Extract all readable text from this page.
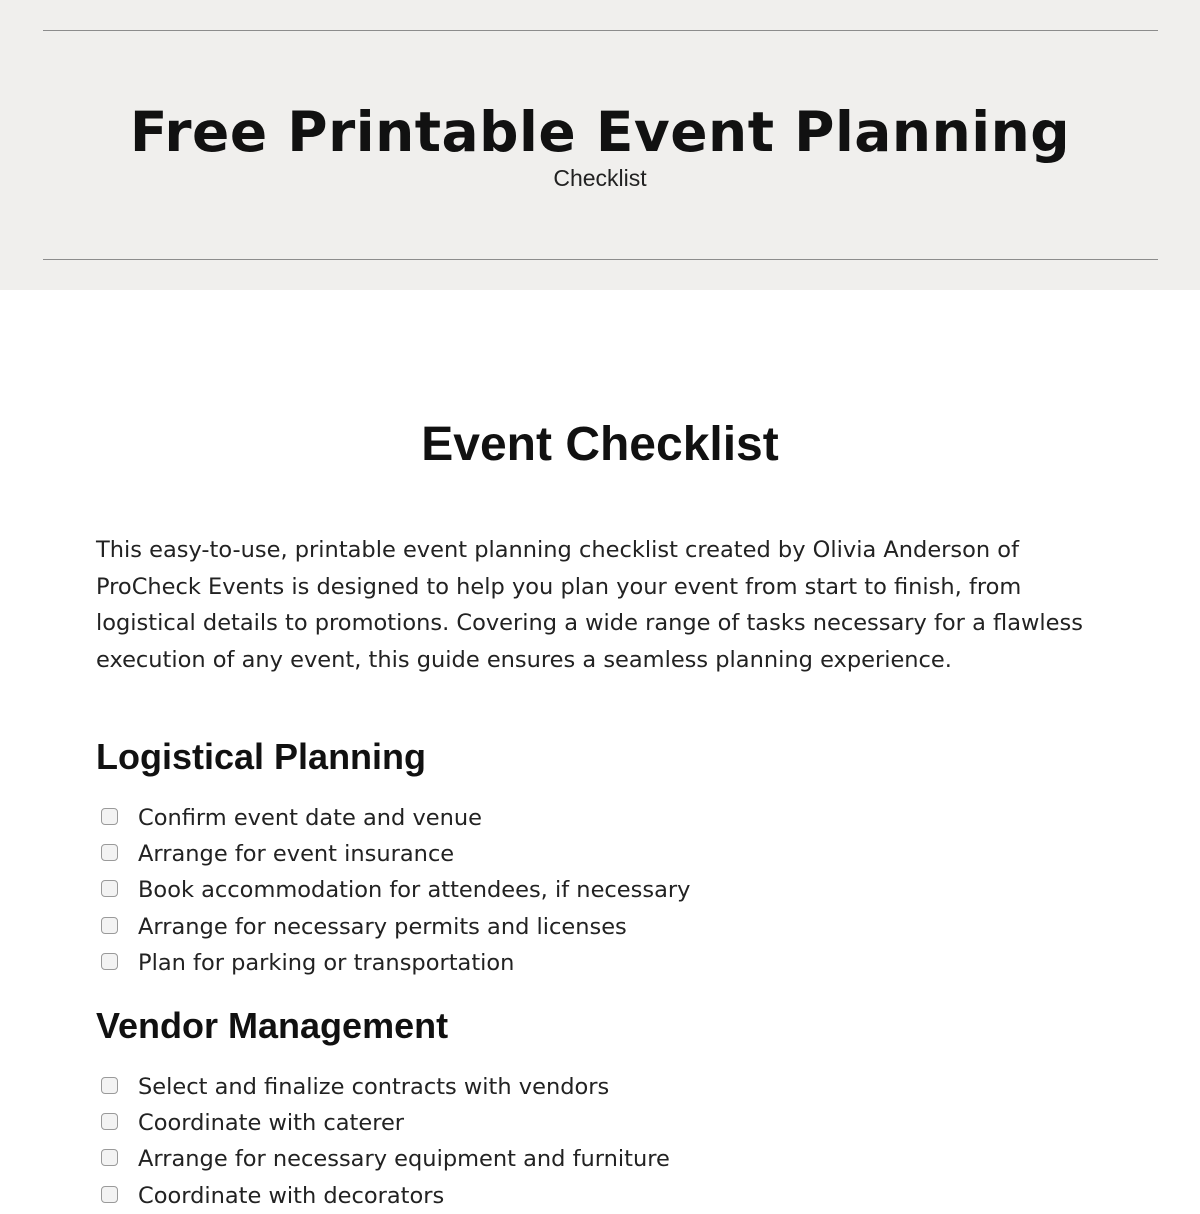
Free Printable Event Planning
Checklist
Event Checklist

This easy-to-use, printable event planning checklist created by Olivia Anderson of ProCheck Events is designed to help you plan your event from start to finish, from logistical details to promotions. Covering a wide range of tasks necessary for a flawless execution of any event, this guide ensures a seamless planning experience.

Logistical Planning
Confirm event date and venue
Arrange for event insurance
Book accommodation for attendees, if necessary
Arrange for necessary permits and licenses
Plan for parking or transportation
Vendor Management
Select and finalize contracts with vendors
Coordinate with caterer
Arrange for necessary equipment and furniture
Coordinate with decorators
